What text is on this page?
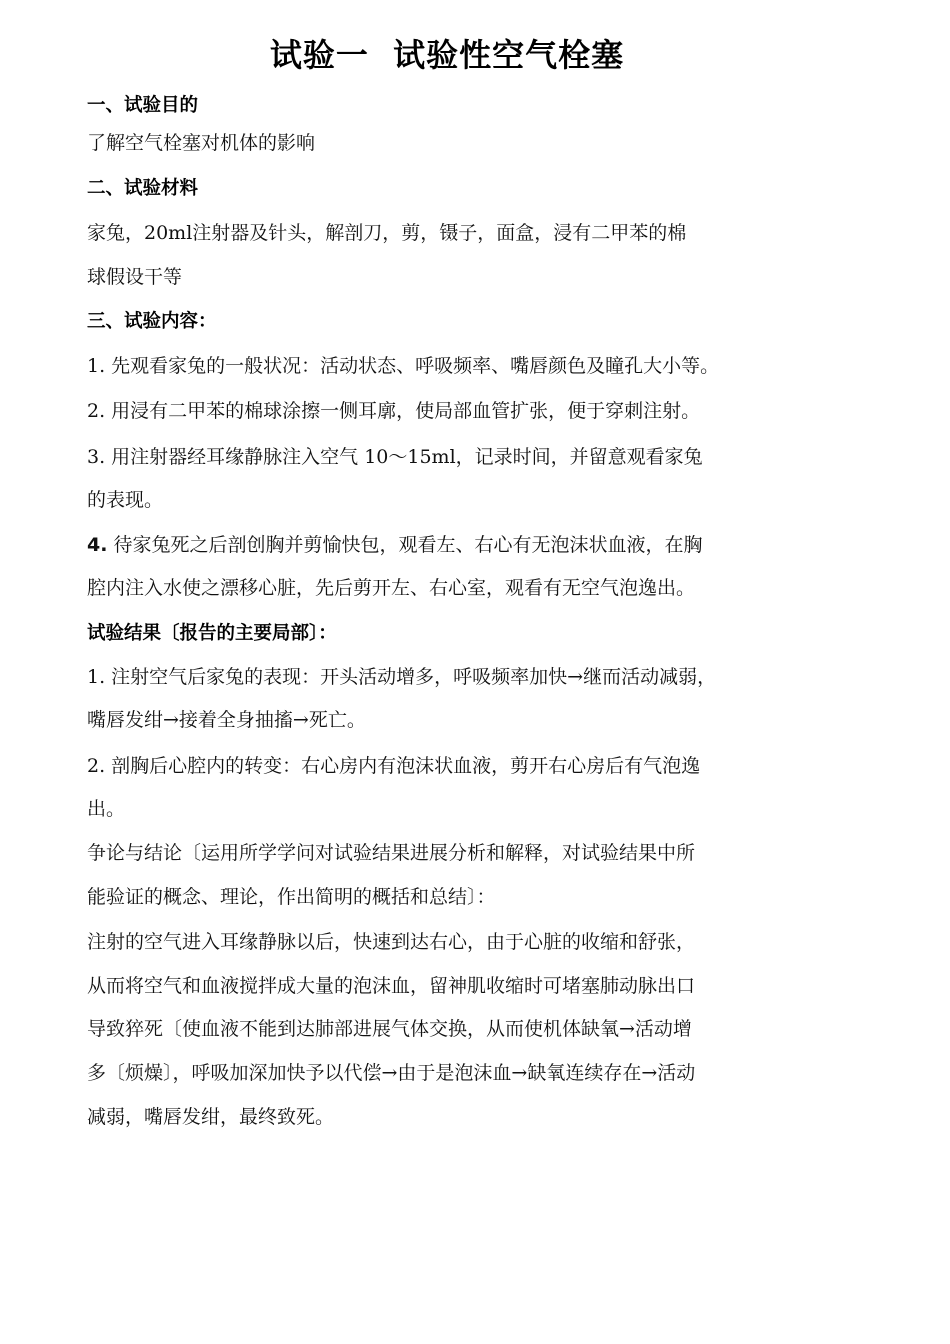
试验一  试验性空气栓塞
一、试验目的
了解空气栓塞对机体的影响
二、试验材料
家兔，20ml注射器及针头，解剖刀，剪，镊子，面盒，浸有二甲苯的棉
球假设干等
三、试验内容：
1. 先观看家兔的一般状况：活动状态、呼吸频率、嘴唇颜色及瞳孔大小等。
2. 用浸有二甲苯的棉球涂擦一侧耳廓，使局部血管扩张，便于穿刺注射。
3. 用注射器经耳缘静脉注入空气 10～15ml，记录时间，并留意观看家兔
的表现。
4. 待家兔死之后剖创胸并剪愉快包，观看左、右心有无泡沫状血液，在胸
腔内注入水使之漂移心脏，先后剪开左、右心室，观看有无空气泡逸出。
试验结果〔报告的主要局部〕：
1. 注射空气后家兔的表现：开头活动增多，呼吸频率加快→继而活动减弱，
嘴唇发绀→接着全身抽搐→死亡。
2. 剖胸后心腔内的转变：右心房内有泡沫状血液，剪开右心房后有气泡逸
出。
争论与结论〔运用所学学问对试验结果进展分析和解释，对试验结果中所
能验证的概念、理论，作出简明的概括和总结〕：
注射的空气进入耳缘静脉以后，快速到达右心，由于心脏的收缩和舒张，
从而将空气和血液搅拌成大量的泡沫血，留神肌收缩时可堵塞肺动脉出口
导致猝死〔使血液不能到达肺部进展气体交换，从而使机体缺氧→活动增
多〔烦燥〕，呼吸加深加快予以代偿→由于是泡沫血→缺氧连续存在→活动
减弱，嘴唇发绀，最终致死。
